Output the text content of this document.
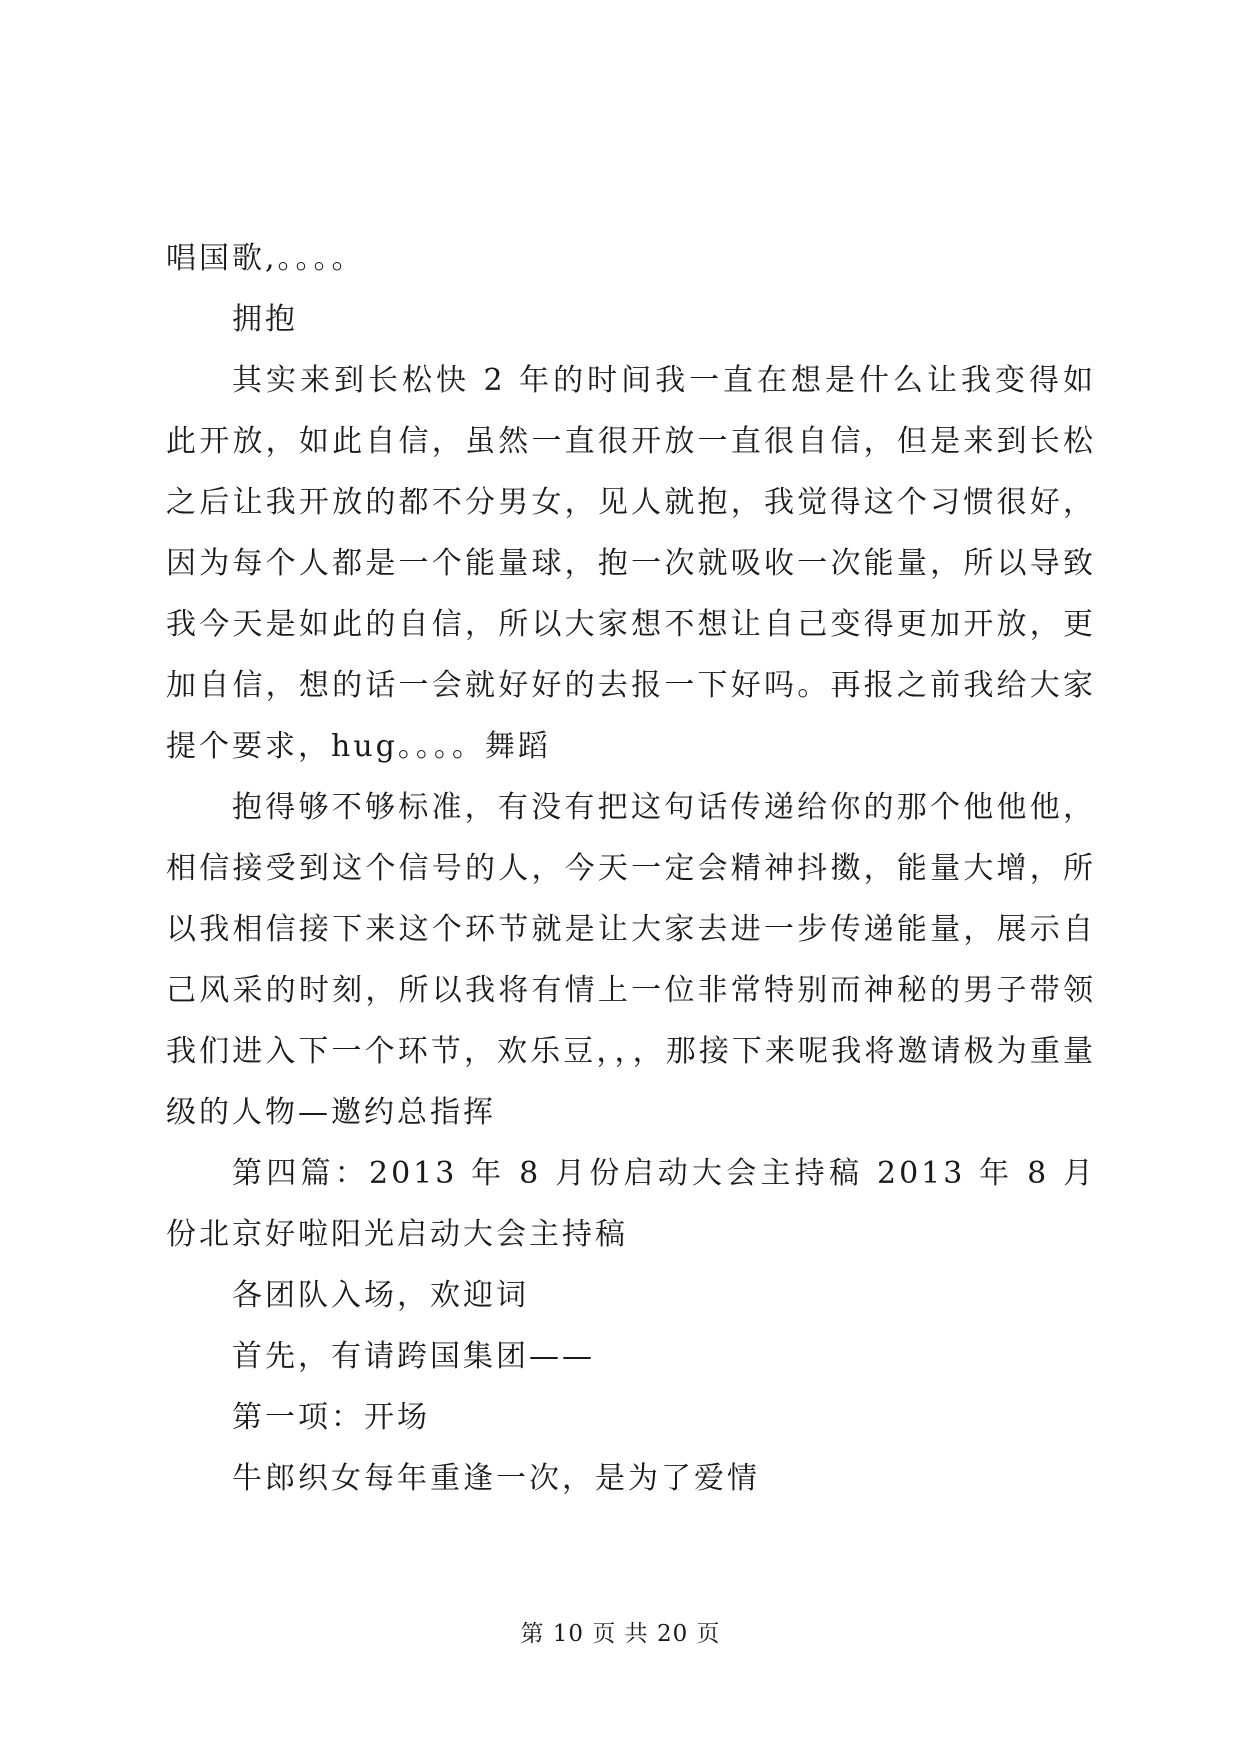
唱国歌,。。。。

拥抱

其实来到长松快 2 年的时间我一直在想是什么让我变得如此开放，如此自信，虽然一直很开放一直很自信，但是来到长松之后让我开放的都不分男女，见人就抱，我觉得这个习惯很好，因为每个人都是一个能量球，抱一次就吸收一次能量，所以导致我今天是如此的自信，所以大家想不想让自己变得更加开放，更加自信，想的话一会就好好的去报一下好吗。再报之前我给大家提个要求，hug。。。。舞蹈

抱得够不够标准，有没有把这句话传递给你的那个他他他，相信接受到这个信号的人，今天一定会精神抖擞，能量大增，所以我相信接下来这个环节就是让大家去进一步传递能量，展示自己风采的时刻，所以我将有情上一位非常特别而神秘的男子带领我们进入下一个环节，欢乐豆，，，那接下来呢我将邀请极为重量级的人物—邀约总指挥

第四篇：2013 年 8 月份启动大会主持稿 2013 年 8 月份北京好啦阳光启动大会主持稿

各团队入场，欢迎词

首先，有请跨国集团——

第一项：开场

牛郎织女每年重逢一次，是为了爱情

第 10 页 共 20 页
